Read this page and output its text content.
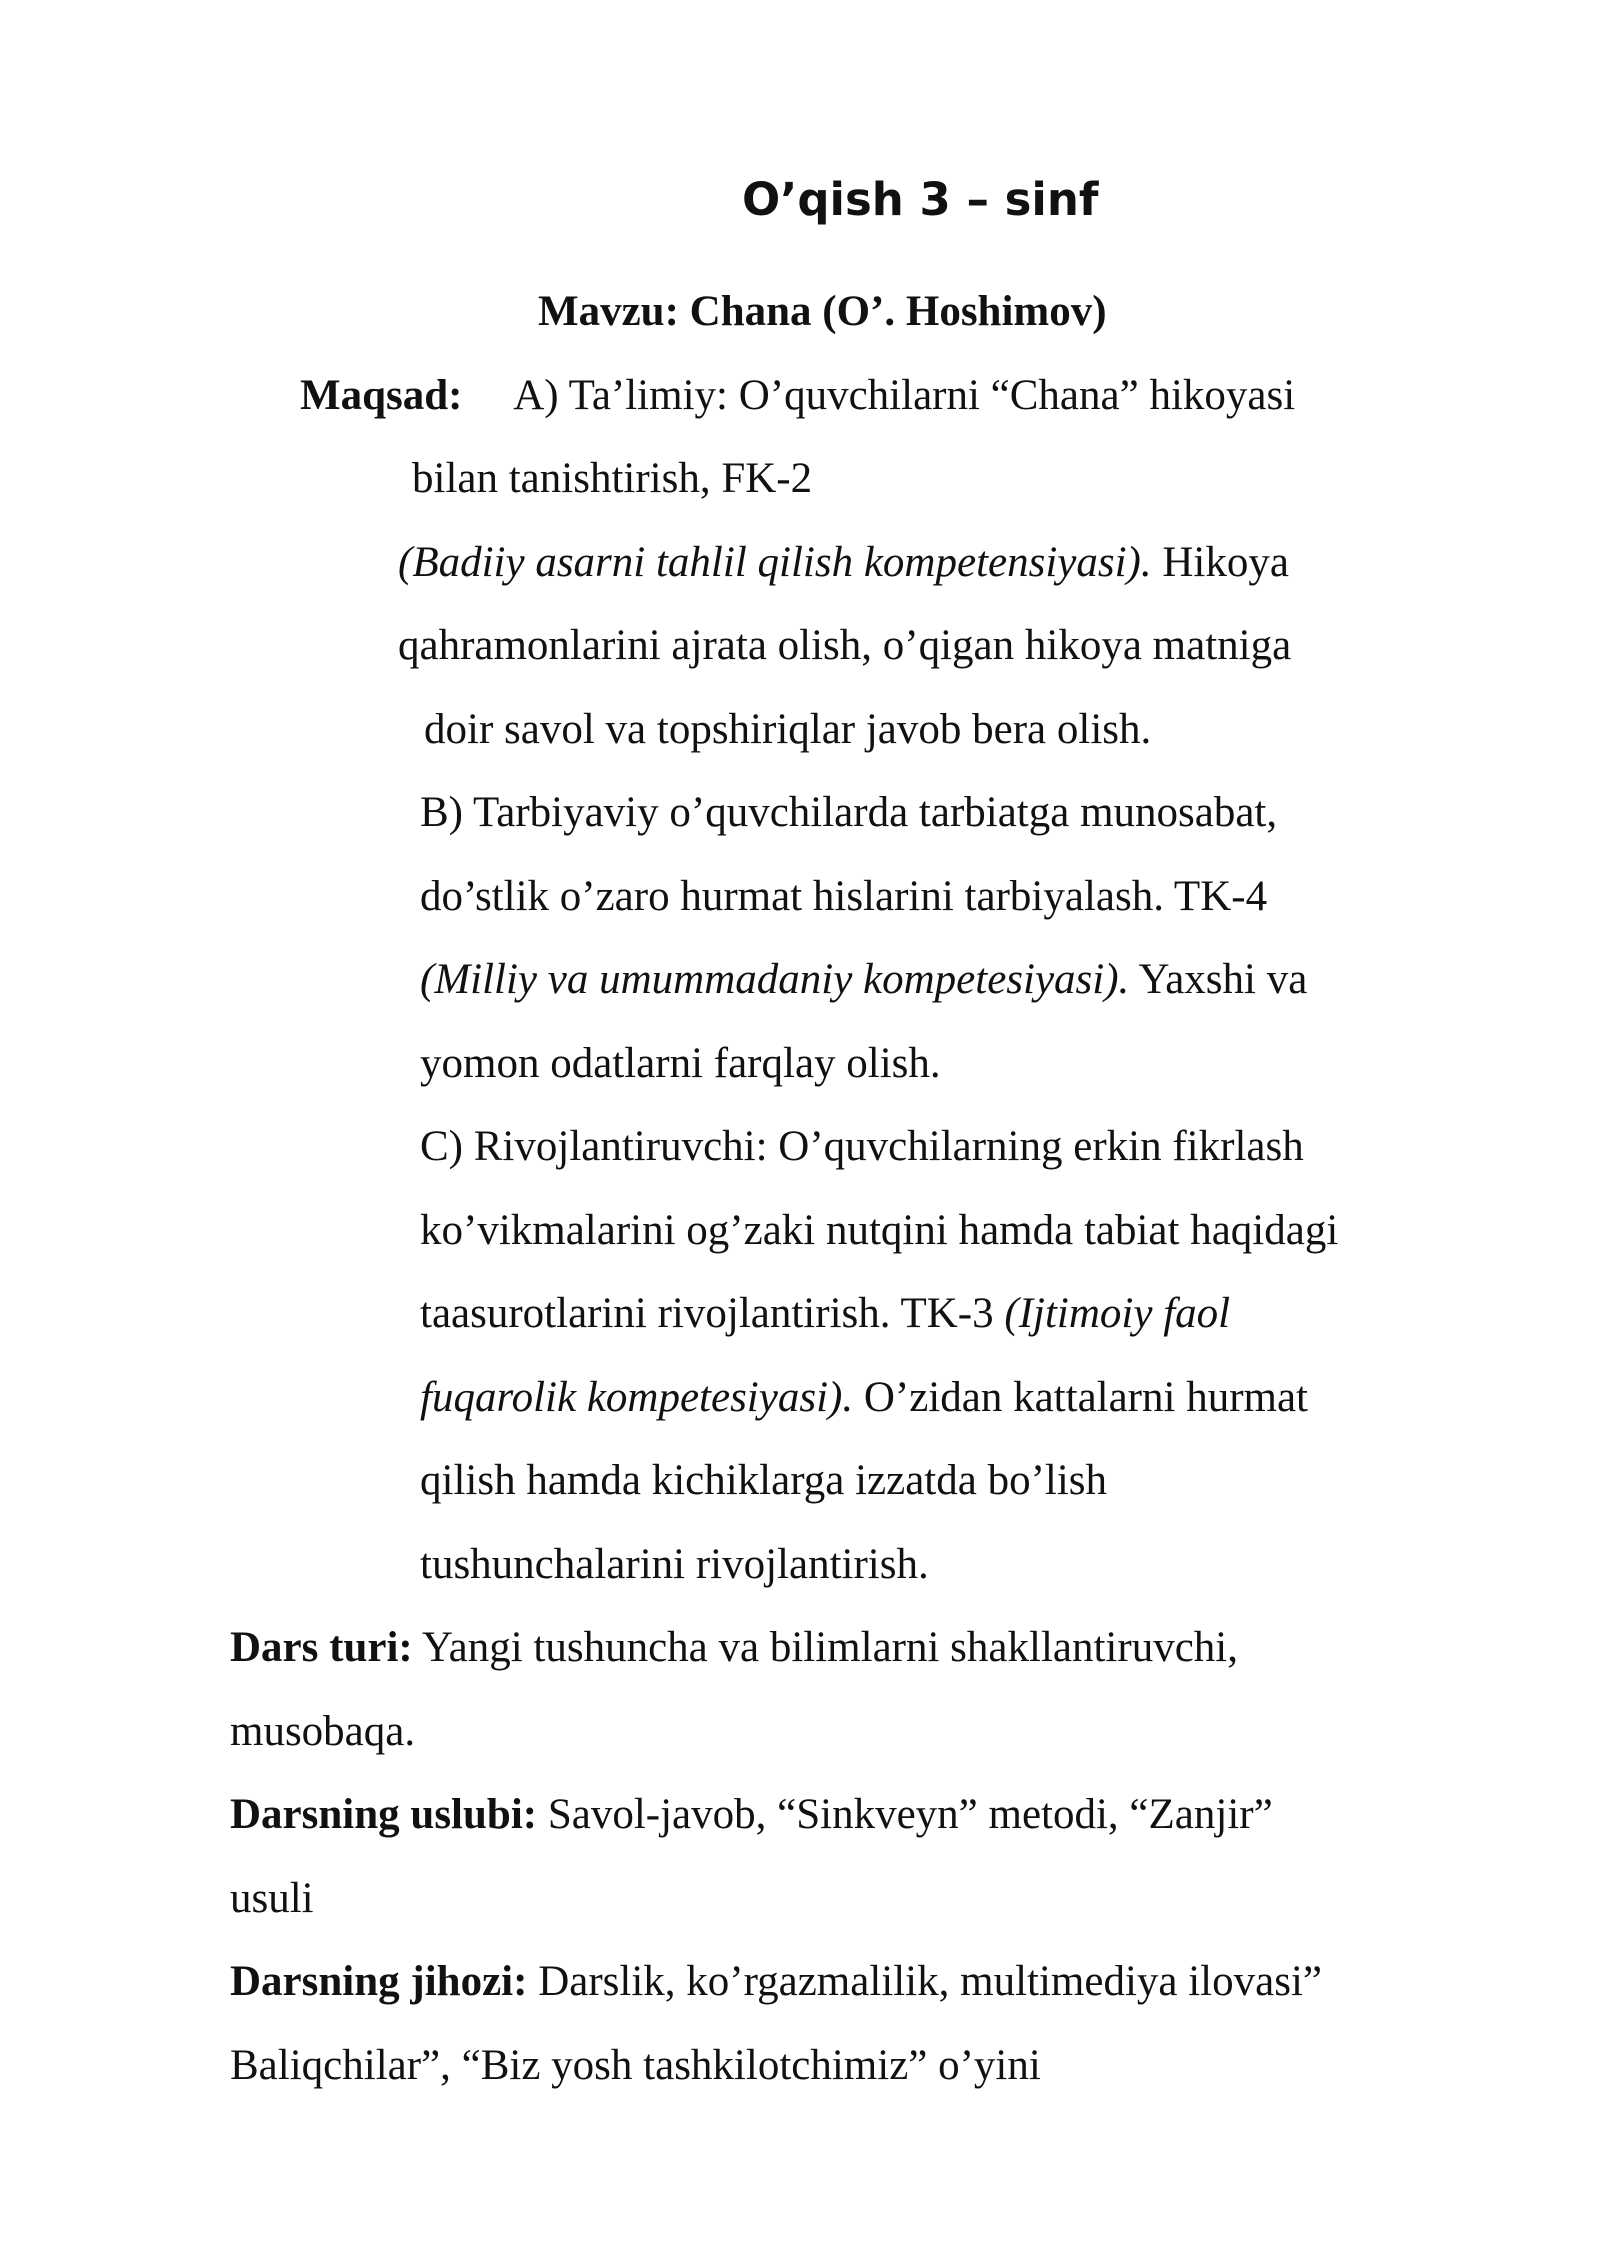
O’qish 3 – sinf
Mavzu: Chana (O’. Hoshimov)
Maqsad: A) Ta’limiy: O’quvchilarni “Chana” hikoyasi
bilan tanishtirish, FK-2
(Badiiy asarni tahlil qilish kompetensiyasi). Hikoya
qahramonlarini ajrata olish, o’qigan hikoya matniga
doir savol va topshiriqlar javob bera olish.
B) Tarbiyaviy o’quvchilarda tarbiatga munosabat,
do’stlik o’zaro hurmat hislarini tarbiyalash. TK-4
(Milliy va umummadaniy kompetesiyasi). Yaxshi va
yomon odatlarni farqlay olish.
C) Rivojlantiruvchi: O’quvchilarning erkin fikrlash
ko’vikmalarini og’zaki nutqini hamda tabiat haqidagi
taasurotlarini rivojlantirish. TK-3 (Ijtimoiy faol
fuqarolik kompetesiyasi). O’zidan kattalarni hurmat
qilish hamda kichiklarga izzatda bo’lish
tushunchalarini rivojlantirish.
Dars turi: Yangi tushuncha va bilimlarni shakllantiruvchi,
musobaqa.
Darsning uslubi: Savol-javob, “Sinkveyn” metodi, “Zanjir”
usuli
Darsning jihozi: Darslik, ko’rgazmalilik, multimediya ilovasi”
Baliqchilar”, “Biz yosh tashkilotchimiz” o’yini
